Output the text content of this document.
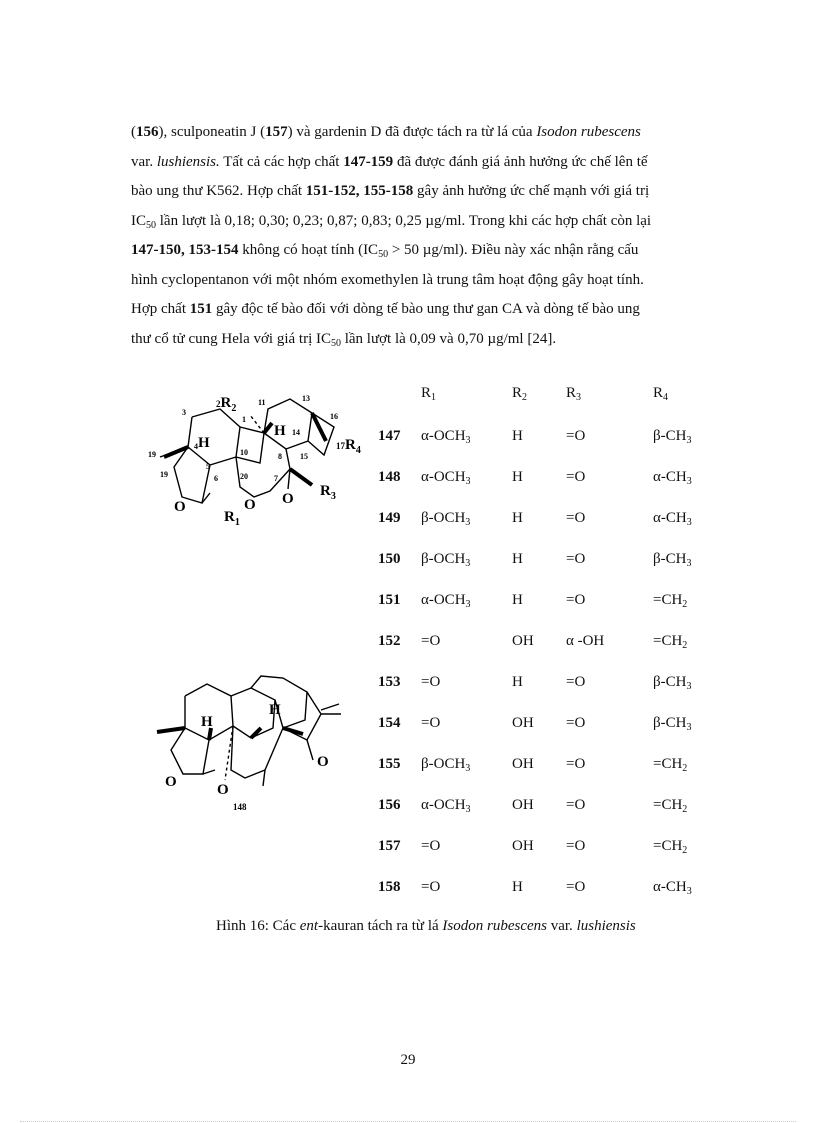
(156), sculponeatin J (157) và gardenin D đã được tách ra từ lá của Isodon rubescens
var. lushiensis. Tất cả các hợp chất 147-159 đã được đánh giá ảnh hưởng ức chế lên tế
bào ung thư K562. Hợp chất 151-152, 155-158 gây ảnh hưởng ức chế mạnh với giá trị
$IC_{50}$ lần lượt là 0,18; 0,30; 0,23; 0,87; 0,83; 0,25 µg/ml. Trong khi các hợp chất còn lại
147-150, 153-154 không có hoạt tính ($IC_{50} > 50$ µg/ml). Điều này xác nhận rằng cấu
hình cyclopentanon với một nhóm exomethylen là trung tâm hoạt động gây hoạt tính.
Hợp chất 151 gây độc tế bào đối với dòng tế bào ung thư gan CA và dòng tế bào ung
thư cổ tử cung Hela với giá trị $IC_{50}$ lần lượt là 0,09 và 0,70 µg/ml [24].
H
H
O	O O
$R_1$
$2R_2$
$R_3$
$17R_4$
1
3
4
5
6	7
8
10
11	13
14
15
16
19
19	20
H
H
O	O
O
148
$R_1$	$R_2$	$R_3$	$R_4$
147 $\alpha-OCH_3$	H	=O	$\beta-CH_3$
148 $\alpha-OCH_3$	H	=O	$\alpha-CH_3$
149 $\beta-OCH_3$	H	=O	$\alpha-CH_3$
150 $\beta-OCH_3$	H	=O	$\beta-CH_3$
151 $\alpha-OCH_3$	H	=O	$=CH_2$
152 =O	OH α -OH	$=CH_2$
153 =O	H	=O	$\beta-CH_3$
154 =O	OH =O	$\beta-CH_3$
155 $\beta-OCH_3$	OH =O	$=CH_2$
156 $\alpha-OCH_3$	OH =O	$=CH_2$
157 =O	OH =O	$=CH_2$
158 =O	H	=O	$\alpha-CH_3$
Hình 16: Các ent-kauran tách ra từ lá Isodon rubescens var. lushiensis
29
